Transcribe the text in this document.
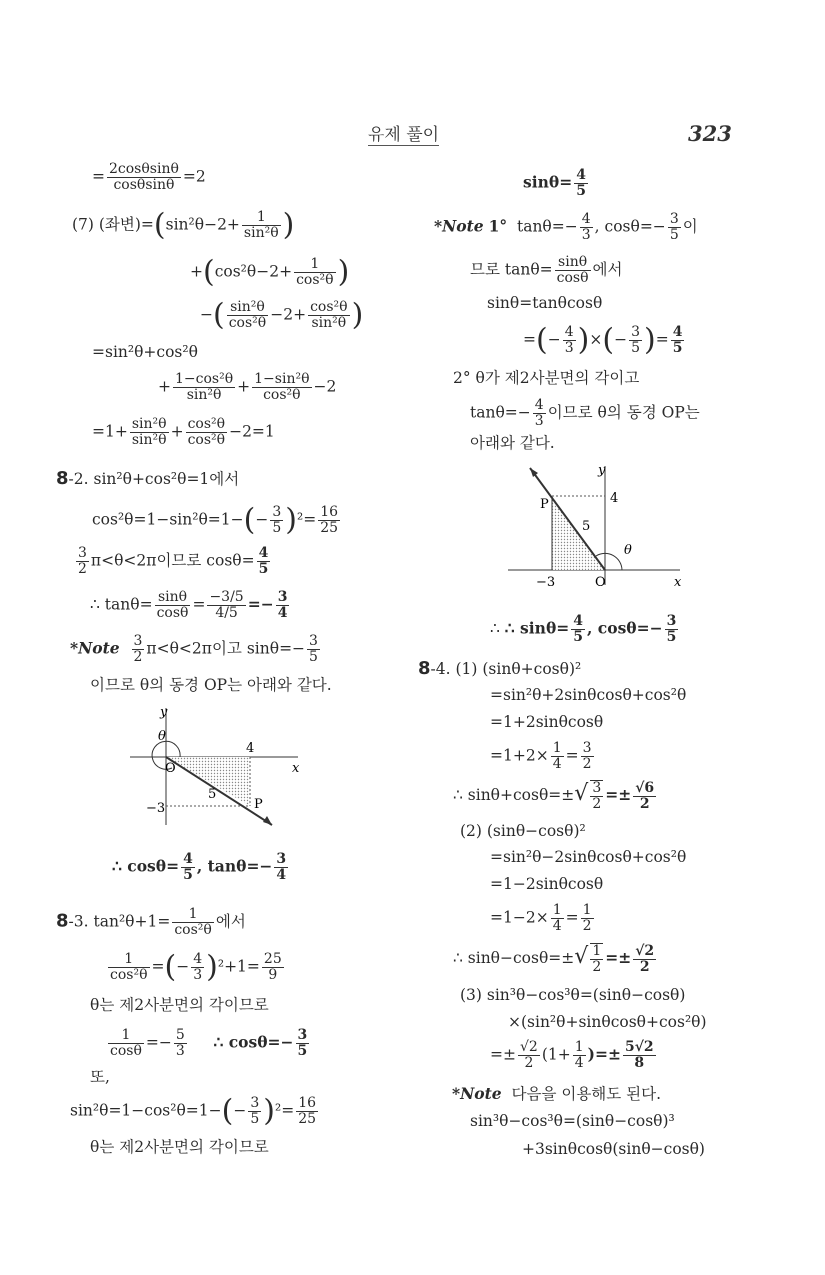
유제 풀이	323
= $\frac{2\cos\theta\sin\theta}{\cos\theta\sin\theta} =2$
(7) (좌변)$=(\sin^2\theta-2+ \frac{1}{\text{sin²θ}}$ )
$+(\cos^2\theta-2+ \frac{1}{\text{cos²θ}}$ )
−( $\frac{\text{sin²θ}}{\text{cos²θ}} -2+ \frac{\text{cos²θ}}{\text{sin²θ}}$ )
=sin²θ+cos²θ
+ $\frac{\text{1−cos²θ}}{\text{sin²θ}} + \frac{\text{1−sin²θ}}{\text{cos²θ}} -2$
$=1+ \frac{\text{sin²θ}}{\text{sin²θ}} + \frac{\text{cos²θ}}{\text{cos²θ}} -2=1$
8-2. sin²θ+cos²θ=1에서
$\cos^2\theta=1-\sin^2\theta=1-(- \frac{3}{5} )^2= \frac{16}{25}$
$\frac{3}{2} \pi<\theta<2\pi$이므로 $\cos\theta= \frac{4}{5}$
∴ $\tan\theta= \frac{\sin\theta}{\cos\theta} = \frac{-3/5}{4/5} =- \frac{3}{4}$
*Note $\frac{3}{2} \pi<\theta<2\pi$이고 $\sin\theta=- \frac{3}{5}$
이므로 θ의 동경 OP는 아래와 같다.
y
θ
O
4
x
5
P
−3
∴ $\cos\theta= \frac{4}{5}$ , $\tan\theta=- \frac{3}{4}$
8-3. $\tan^2\theta+1= \frac{1}{\text{cos²θ}}$ 에서
$\frac{1}{\text{cos²θ}}$ =(− $\frac{4}{3} )^2+1= \frac{25}{9}$
θ는 제2사분면의 각이므로
$\frac{1}{\cos\theta} =- \frac{5}{3}$ ∴ $\cos\theta=- \frac{3}{5}$
또,
$\sin^2\theta=1-\cos^2\theta=1-(- \frac{3}{5} )^2= \frac{16}{25}$
θ는 제2사분면의 각이므로
$\sin\theta= \frac{4}{5}$
*Note 1° $\tan\theta=- \frac{4}{3}$ , $\cos\theta=- \frac{3}{5}$ 이
므로 $\tan\theta= \frac{\sin\theta}{\cos\theta}$ 에서
sinθ=tanθcosθ
=(− $\frac{4}{3}$ )×(− $\frac{3}{5}$ )= $\frac{4}{5}$
2° θ가 제2사분면의 각이고
$\tan\theta=- \frac{4}{3}$ 이므로 θ의 동경 OP는
아래와 같다.
y
P	4
5
θ
−3	O	x
∴ ∴ $\sin\theta= \frac{4}{5}$ , $\cos\theta=- \frac{3}{5}$
8-4. (1) (sinθ+cosθ)²
=sin²θ+2sinθcosθ+cos²θ
=1+2sinθcosθ
$=1+2\times \frac{1}{4} = \frac{3}{2}$
∴ $\sin\theta+\cos\theta=\pm√ \frac{3}{2} =\pm \frac{√6}{2}$
(2) (sinθ−cosθ)²
=sin²θ−2sinθcosθ+cos²θ
=1−2sinθcosθ
$=1-2\times \frac{1}{4} = \frac{1}{2}$
∴ $\sin\theta-\cos\theta=\pm√ \frac{1}{2} =\pm \frac{√2}{2}$
(3) sin³θ−cos³θ=(sinθ−cosθ)
×(sin²θ+sinθcosθ+cos²θ)
=± $\frac{√2}{2} (1+ \frac{1}{4}$ )=± $\frac{5√2}{8}$
*Note 다음을 이용해도 된다.
sin³θ−cos³θ=(sinθ−cosθ)³
+3sinθcosθ(sinθ−cosθ)
